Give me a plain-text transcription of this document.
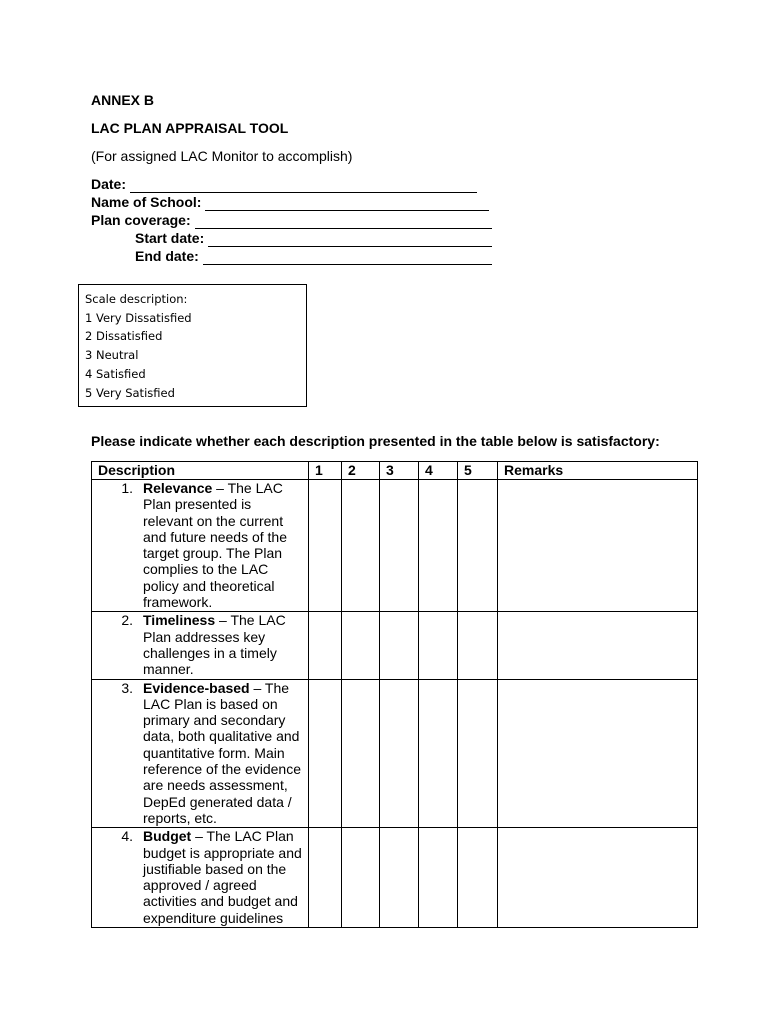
ANNEX B
LAC PLAN APPRAISAL TOOL
(For assigned LAC Monitor to accomplish)
Date:
Name of School:
Plan coverage:
Start date:
End date:
Scale description:
1 Very Dissatisfied
2 Dissatisfied
3 Neutral
4 Satisfied
5 Very Satisfied
Please indicate whether each description presented in the table below is satisfactory:
Description	1	2	3	4	5	Remarks

1. Relevance – The LAC Plan presented is relevant on the current and future needs of the target group. The Plan complies to the LAC policy and theoretical framework.						

2. Timeliness – The LAC Plan addresses key challenges in a timely manner.						

3. Evidence-based – The LAC Plan is based on primary and secondary data, both qualitative and quantitative form. Main reference of the evidence are needs assessment, DepEd generated data / reports, etc.						

4. Budget – The LAC Plan budget is appropriate and justifiable based on the approved / agreed activities and budget and expenditure guidelines						
